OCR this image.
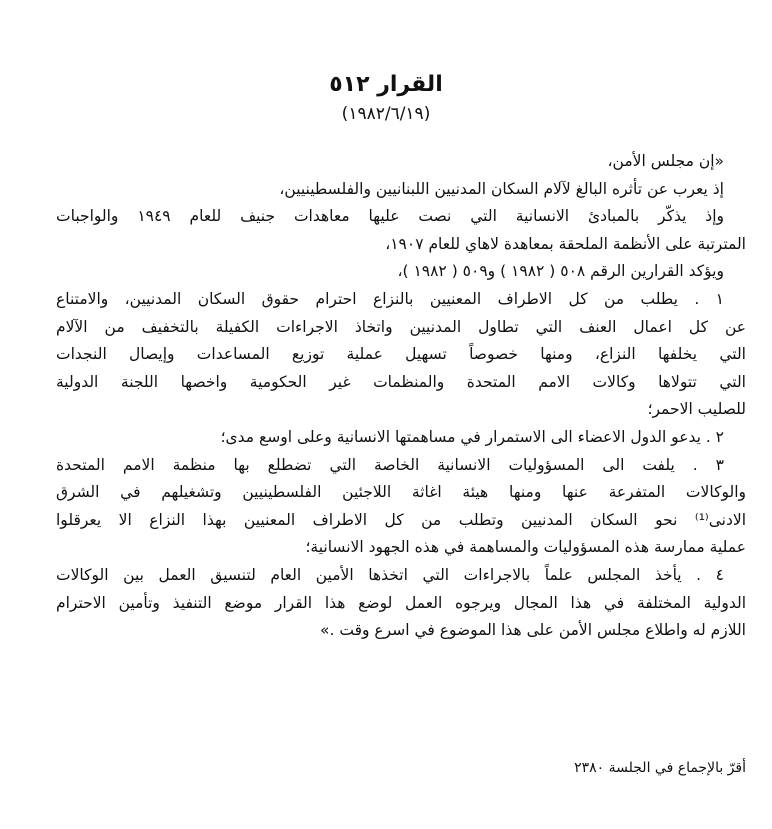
القرار ٥١٢
(١٩٨٢/٦/١٩)
«إن مجلس الأمن،
إذ يعرب عن تأثره البالغ لآلام السكان المدنيين اللبنانيين والفلسطينيين،
وإذ يذكّر بالمبادئ الانسانية التي نصت عليها معاهدات جنيف للعام ١٩٤٩ والواجبات
المترتبة على الأنظمة الملحقة بمعاهدة لاهاي للعام ١٩٠٧،
ويؤكد القرارين الرقم ٥٠٨ ( ١٩٨٢ ) و٥٠٩ ( ١٩٨٢ )،
١ . يطلب من كل الاطراف المعنيين بالنزاع احترام حقوق السكان المدنيين، والامتناع
عن كل اعمال العنف التي تطاول المدنيين واتخاذ الاجراءات الكفيلة بالتخفيف من الآلام
التي يخلفها النزاع، ومنها خصوصاً تسهيل عملية توزيع المساعدات وإيصال النجدات
التي تتولاها وكالات الامم المتحدة والمنظمات غير الحكومية واخصها اللجنة الدولية
للصليب الاحمر؛
٢ . يدعو الدول الاعضاء الى الاستمرار في مساهمتها الانسانية وعلى اوسع مدى؛
٣ . يلفت الى المسؤوليات الانسانية الخاصة التي تضطلع بها منظمة الامم المتحدة
والوكالات المتفرعة عنها ومنها هيئة اغاثة اللاجئين الفلسطينيين وتشغيلهم في الشرق
الادنى⁽¹⁾ نحو السكان المدنيين وتطلب من كل الاطراف المعنيين بهذا النزاع الا يعرقلوا
عملية ممارسة هذه المسؤوليات والمساهمة في هذه الجهود الانسانية؛
٤ . يأخذ المجلس علماً بالاجراءات التي اتخذها الأمين العام لتنسيق العمل بين الوكالات
الدولية المختلفة في هذا المجال ويرجوه العمل لوضع هذا القرار موضع التنفيذ وتأمين الاحترام
اللازم له واطلاع مجلس الأمن على هذا الموضوع في اسرع وقت .»
أقرّ بالإجماع في الجلسة ٢٣٨٠
